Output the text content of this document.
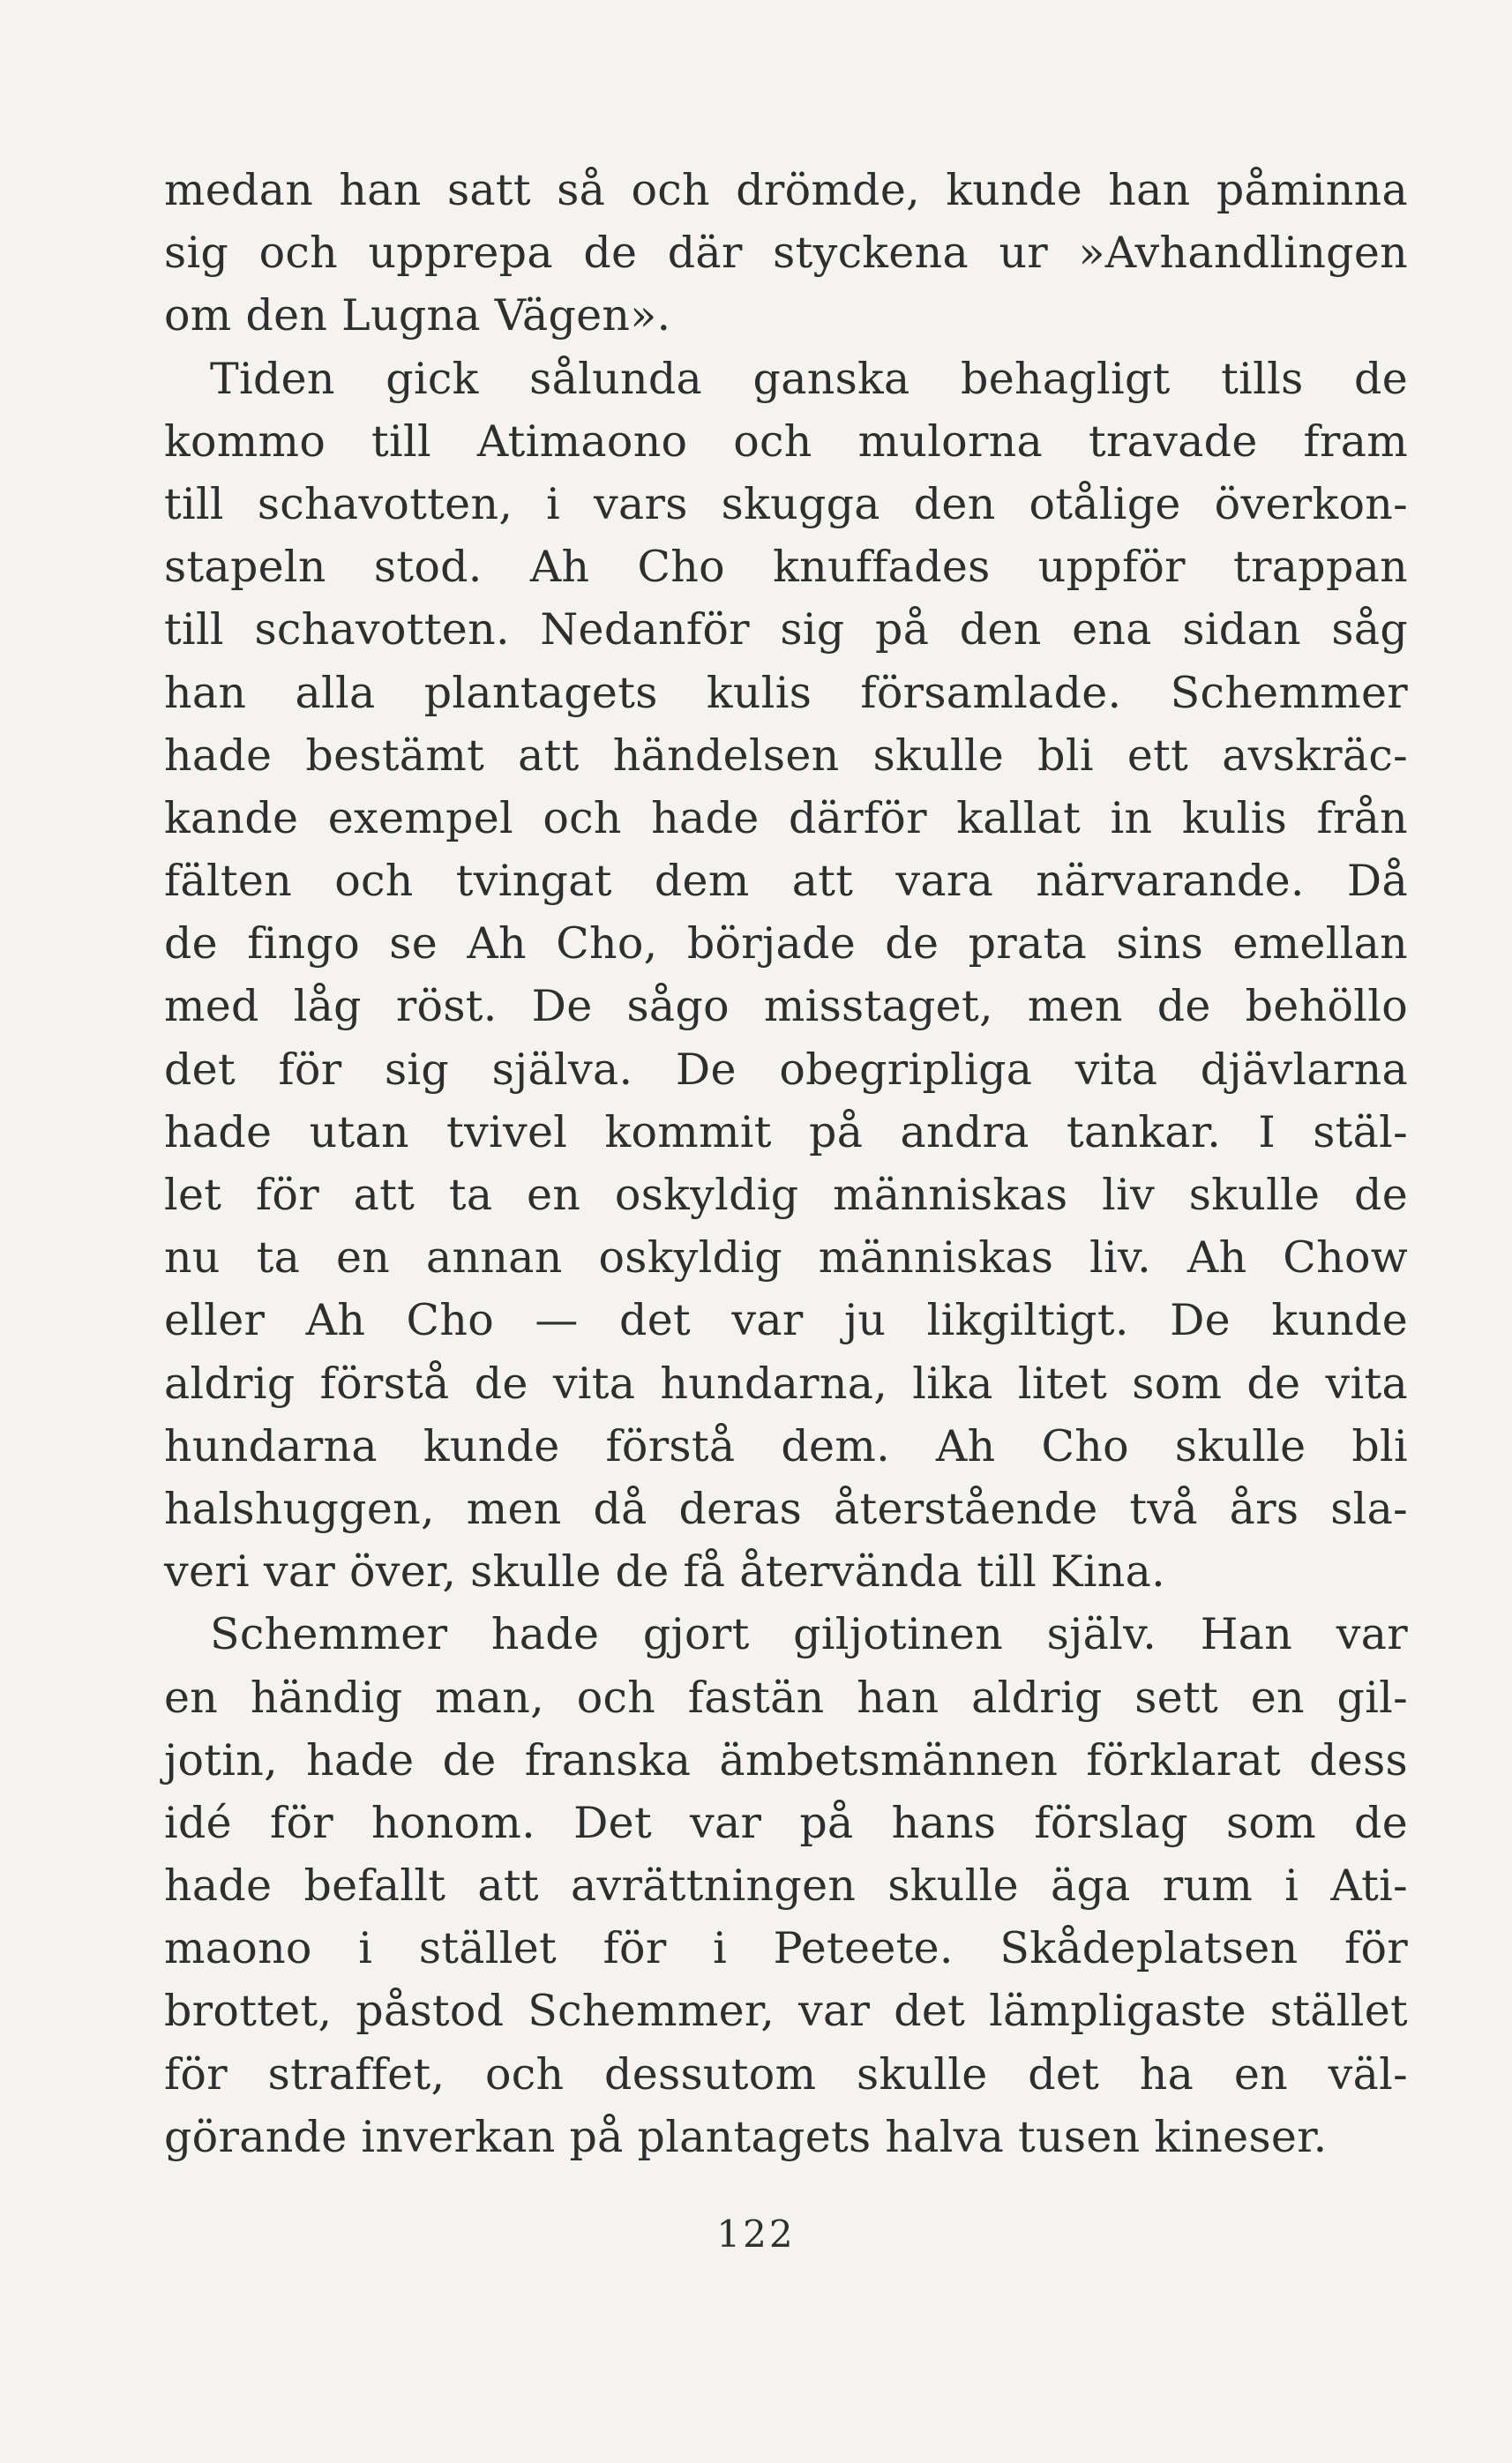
medan han satt så och drömde, kunde han påminna
sig och upprepa de där styckena ur »Avhandlingen
om den Lugna Vägen».
Tiden gick sålunda ganska behagligt tills de
kommo till Atimaono och mulorna travade fram
till schavotten, i vars skugga den otålige överkon-
stapeln stod. Ah Cho knuffades uppför trappan
till schavotten. Nedanför sig på den ena sidan såg
han alla plantagets kulis församlade. Schemmer
hade bestämt att händelsen skulle bli ett avskräc-
kande exempel och hade därför kallat in kulis från
fälten och tvingat dem att vara närvarande. Då
de fingo se Ah Cho, började de prata sins emellan
med låg röst. De sågo misstaget, men de behöllo
det för sig själva. De obegripliga vita djävlarna
hade utan tvivel kommit på andra tankar. I stäl-
let för att ta en oskyldig människas liv skulle de
nu ta en annan oskyldig människas liv. Ah Chow
eller Ah Cho — det var ju likgiltigt. De kunde
aldrig förstå de vita hundarna, lika litet som de vita
hundarna kunde förstå dem. Ah Cho skulle bli
halshuggen, men då deras återstående två års sla-
veri var över, skulle de få återvända till Kina.
Schemmer hade gjort giljotinen själv. Han var
en händig man, och fastän han aldrig sett en gil-
jotin, hade de franska ämbetsmännen förklarat dess
idé för honom. Det var på hans förslag som de
hade befallt att avrättningen skulle äga rum i Ati-
maono i stället för i Peteete. Skådeplatsen för
brottet, påstod Schemmer, var det lämpligaste stället
för straffet, och dessutom skulle det ha en väl-
görande inverkan på plantagets halva tusen kineser.
122
